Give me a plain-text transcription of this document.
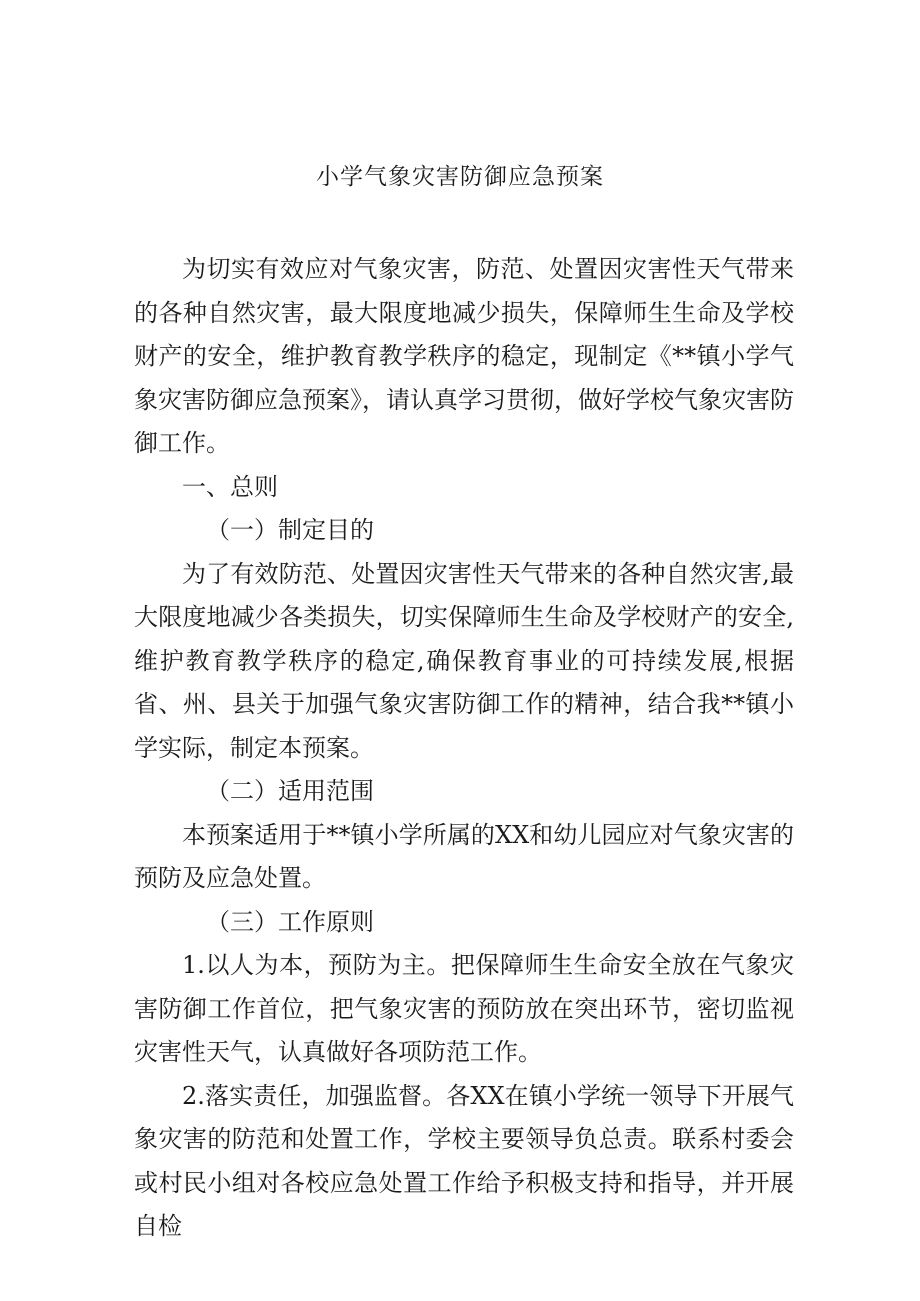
小学气象灾害防御应急预案

为切实有效应对气象灾害，防范、处置因灾害性天气带来的各种自然灾害，最大限度地减少损失，保障师生生命及学校财产的安全，维护教育教学秩序的稳定，现制定《**镇小学气象灾害防御应急预案》，请认真学习贯彻，做好学校气象灾害防御工作。

一、总则

（一）制定目的

为了有效防范、处置因灾害性天气带来的各种自然灾害,最大限度地减少各类损失，切实保障师生生命及学校财产的安全,维护教育教学秩序的稳定,确保教育事业的可持续发展,根据省、州、县关于加强气象灾害防御工作的精神，结合我**镇小学实际，制定本预案。

（二）适用范围

本预案适用于**镇小学所属的XX和幼儿园应对气象灾害的预防及应急处置。

（三）工作原则

1.以人为本，预防为主。把保障师生生命安全放在气象灾害防御工作首位，把气象灾害的预防放在突出环节，密切监视灾害性天气，认真做好各项防范工作。

2.落实责任，加强监督。各XX在镇小学统一领导下开展气象灾害的防范和处置工作，学校主要领导负总责。联系村委会或村民小组对各校应急处置工作给予积极支持和指导，并开展自检
